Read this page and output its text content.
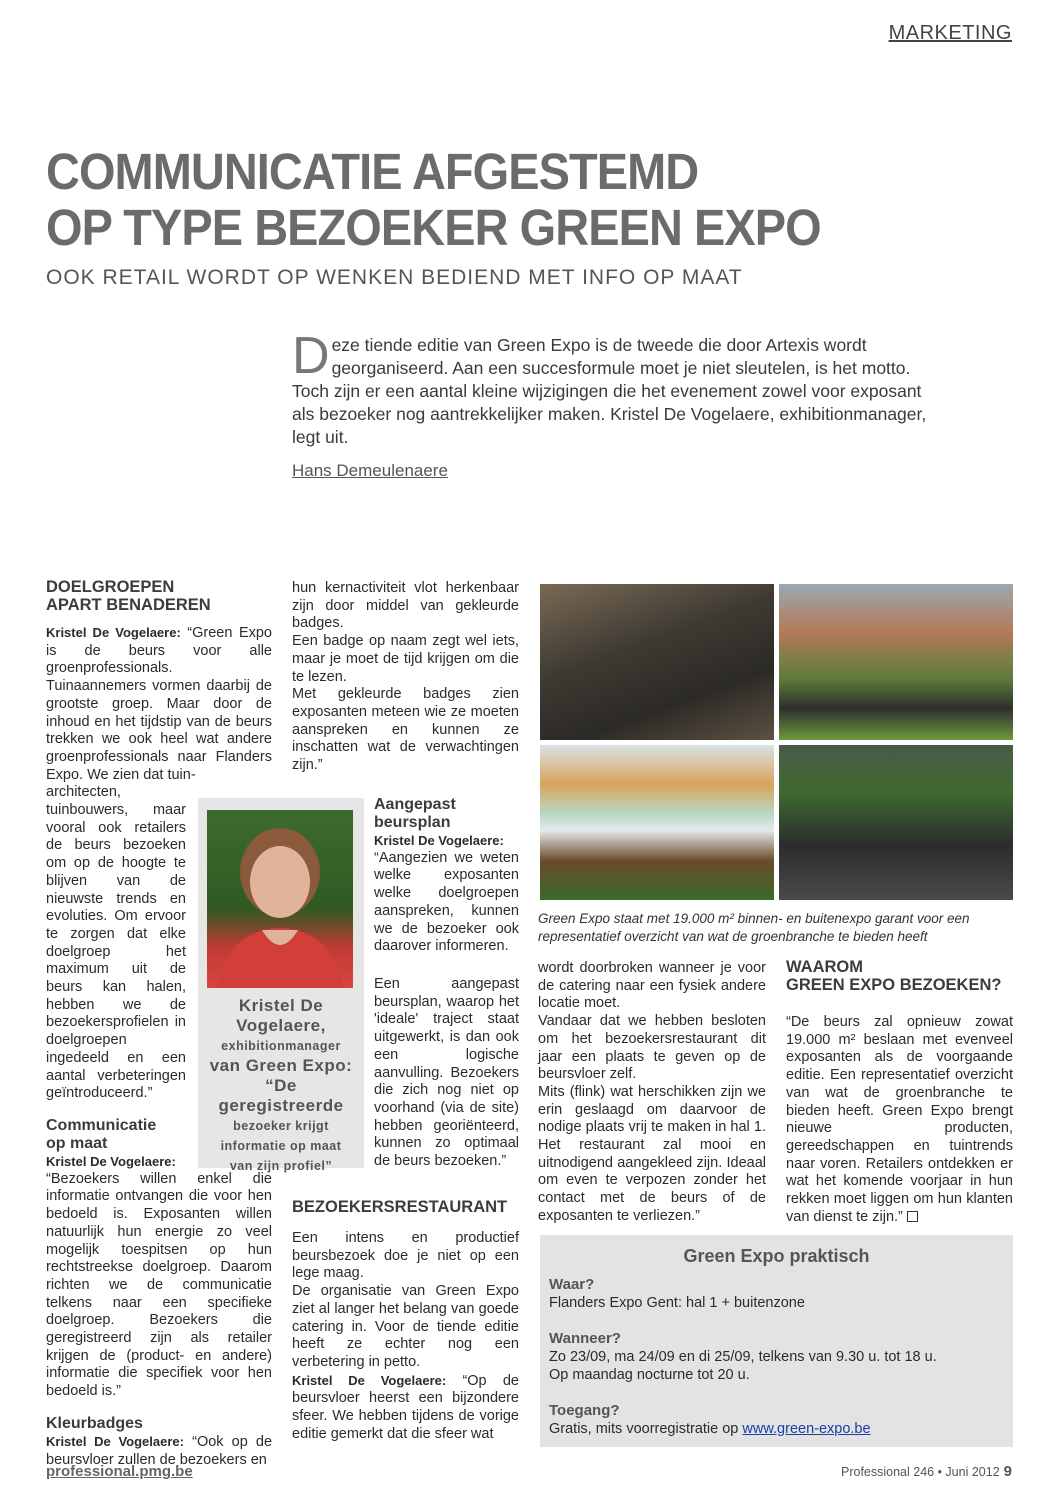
MARKETING
COMMUNICATIE AFGESTEMD
OP TYPE BEZOEKER GREEN EXPO
OOK RETAIL WORDT OP WENKEN BEDIEND MET INFO OP MAAT
Deze tiende editie van Green Expo is de tweede die door Artexis wordt georganiseerd. Aan een succesformule moet je niet sleutelen, is het motto. Toch zijn er een aantal kleine wijzigingen die het evenement zowel voor exposant als bezoeker nog aantrekkelijker maken. Kristel De Vogelaere, exhibitionmanager, legt uit.
Hans Demeulenaere

DOELGROEPEN

APART BENADEREN

Kristel De Vogelaere: “Green Expo is de beurs voor alle groenprofessionals. Tuinaannemers vormen daarbij de grootste groep. Maar door de inhoud en het tijdstip van de beurs trekken we ook heel wat andere groenprofessionals naar Flanders Expo. We zien dat tuin-

architecten, tuinbouwers, maar vooral ook retailers de beurs bezoeken om op de hoogte te blijven van de nieuwste trends en evoluties. Om ervoor te zorgen dat elke doelgroep het maximum uit de beurs kan halen, hebben we de bezoekersprofielen in doelgroepen ingedeeld en een aantal verbeteringen geïntroduceerd.”

Communicatie

op maat

Kristel De Vogelaere:

“Bezoekers willen enkel die informatie ontvangen die voor hen bedoeld is. Exposanten willen natuurlijk hun energie zo veel mogelijk toespitsen op hun rechtstreekse doelgroep. Daarom richten we de communicatie telkens naar een specifieke doelgroep. Bezoekers die geregistreerd zijn als retailer krijgen de (product- en andere) informatie die specifiek voor hen bedoeld is.”

Kleurbadges

Kristel De Vogelaere: “Ook op de beursvloer zullen de bezoekers en

Kristel De
Vogelaere,
exhibitionmanager
van Green Expo:
“De geregistreerde
bezoeker krijgt
informatie op maat
van zijn profiel”

hun kernactiviteit vlot herkenbaar zijn door middel van gekleurde badges.

Een badge op naam zegt wel iets, maar je moet de tijd krijgen om die te lezen.

Met gekleurde badges zien exposanten meteen wie ze moeten aanspreken en kunnen ze inschatten wat de verwachtingen zijn.”

Aangepast

beursplan

Kristel De Vogelaere:

“Aangezien we weten welke exposanten welke doelgroepen aanspreken, kunnen we de bezoeker ook daarover informeren.

Een aangepast beursplan, waarop het 'ideale' traject staat uitgewerkt, is dan ook een logische aanvulling. Bezoekers die zich nog niet op voorhand (via de site) hebben georiënteerd, kunnen zo optimaal de beurs bezoeken.”

BEZOEKERSRESTAURANT

Een intens en productief beursbezoek doe je niet op een lege maag.

De organisatie van Green Expo ziet al langer het belang van goede catering in. Voor de tiende editie heeft ze echter nog een verbetering in petto.

Kristel De Vogelaere: “Op de beursvloer heerst een bijzondere sfeer. We hebben tijdens de vorige editie gemerkt dat die sfeer wat

Green Expo staat met 19.000 m² binnen- en buitenexpo garant voor een representatief overzicht van wat de groenbranche te bieden heeft

wordt doorbroken wanneer je voor de catering naar een fysiek andere locatie moet.

Vandaar dat we hebben besloten om het bezoekersrestaurant dit jaar een plaats te geven op de beursvloer zelf.

Mits (flink) wat herschikken zijn we erin geslaagd om daarvoor de nodige plaats vrij te maken in hal 1. Het restaurant zal mooi en uitnodigend aangekleed zijn. Ideaal om even te verpozen zonder het contact met de beurs of de exposanten te verliezen.”

WAAROM

GREEN EXPO BEZOEKEN?

“De beurs zal opnieuw zowat 19.000 m² beslaan met evenveel exposanten als de voorgaande editie. Een representatief overzicht van wat de groenbranche te bieden heeft. Green Expo brengt nieuwe producten, gereedschappen en tuintrends naar voren. Retailers ontdekken er wat het komende voorjaar in hun rekken moet liggen om hun klanten van dienst te zijn.”

Green Expo praktisch
Waar?
Flanders Expo Gent: hal 1 + buitenzone
Wanneer?
Zo 23/09, ma 24/09 en di 25/09, telkens van 9.30 u. tot 18 u.
Op maandag nocturne tot 20 u.
Toegang?
Gratis, mits voorregistratie op www.green-expo.be
professional.pmg.be	Professional 246 • Juni 2012 9
